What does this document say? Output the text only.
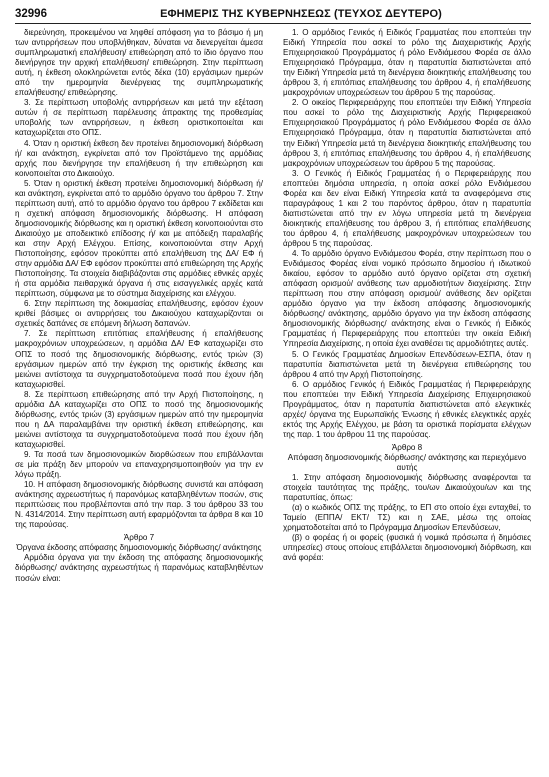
32996	ΕΦΗΜΕΡΙΣ ΤΗΣ ΚΥΒΕΡΝΗΣΕΩΣ (ΤΕΥΧΟΣ ΔΕΥΤΕΡΟ)

διερεύνηση, προκειμένου να ληφθεί απόφαση για το βάσιμο ή μη των αντιρρήσεων που υποβλήθηκαν, δύναται να διενεργείται άμεσα συμπληρωματική επαλήθευση/ επιθεώρηση από το ίδιο όργανο που διενήργησε την αρχική επαλήθευση/ επιθεώρηση. Στην περίπτωση αυτή, η έκθεση ολοκληρώνεται εντός δέκα (10) εργάσιμων ημερών από την ημερομηνία διενέργειας της συμπληρωματικής επαλήθευσης/ επιθεώρησης.

3. Σε περίπτωση υποβολής αντιρρήσεων και μετά την εξέταση αυτών ή σε περίπτωση παρέλευσης άπρακτης της προθεσμίας υποβολής των αντιρρήσεων, η έκθεση οριστικοποιείται και καταχωρίζεται στο ΟΠΣ.

4. Όταν η οριστική έκθεση δεν προτείνει δημοσιονομική διόρθωση ή/ και ανάκτηση, εγκρίνεται από τον Προϊστάμενο της αρμόδιας αρχής που διενήργησε την επαλήθευση ή την επιθεώρηση και κοινοποιείται στο Δικαιούχο.

5. Όταν η οριστική έκθεση προτείνει δημοσιονομική διόρθωση ή/ και ανάκτηση, εγκρίνεται από το αρμόδιο όργανο του άρθρου 7. Στην περίπτωση αυτή, από το αρμόδιο όργανο του άρθρου 7 εκδίδεται και η σχετική απόφαση δημοσιονομικής διόρθωσης. Η απόφαση δημοσιονομικής διόρθωσης και η οριστική έκθεση κοινοποιούνται στο Δικαιούχο με αποδεικτικό επίδοσης ή/ και με απόδειξη παραλαβής και στην Αρχή Ελέγχου. Επίσης, κοινοποιούνται στην Αρχή Πιστοποίησης, εφόσον προκύπτει από επαλήθευση της ΔΑ/ ΕΦ ή στην αρμόδια ΔΑ/ ΕΦ εφόσον προκύπτει από επιθεώρηση της Αρχής Πιστοποίησης. Τα στοιχεία διαβιβάζονται στις αρμόδιες εθνικές αρχές ή στα αρμόδια πειθαρχικά όργανα ή στις εισαγγελικές αρχές κατά περίπτωση, σύμφωνα με το σύστημα διαχείρισης και ελέγχου.

6. Στην περίπτωση της δοκιμασίας επαλήθευσης, εφόσον έχουν κριθεί βάσιμες οι αντιρρήσεις του Δικαιούχου καταχωρίζονται οι σχετικές δαπάνες σε επόμενη δήλωση δαπανών.

7. Σε περίπτωση επιτόπιας επαλήθευσης ή επαλήθευσης μακροχρόνιων υποχρεώσεων, η αρμόδια ΔΑ/ ΕΦ καταχωρίζει στο ΟΠΣ το ποσό της δημοσιονομικής διόρθωσης, εντός τριών (3) εργάσιμων ημερών από την έγκριση της οριστικής έκθεσης και μειώνει αντίστοιχα τα συγχρηματοδοτούμενα ποσά που έχουν ήδη καταχωρισθεί.

8. Σε περίπτωση επιθεώρησης από την Αρχή Πιστοποίησης, η αρμόδια ΔΑ καταχωρίζει στο ΟΠΣ το ποσό της δημοσιονομικής διόρθωσης, εντός τριών (3) εργάσιμων ημερών από την ημερομηνία που η ΔΑ παραλαμβάνει την οριστική έκθεση επιθεώρησης, και μειώνει αντίστοιχα τα συγχρηματοδοτούμενα ποσά που έχουν ήδη καταχωρισθεί.

9. Τα ποσά των δημοσιονομικών διορθώσεων που επιβάλλονται σε μία πράξη δεν μπορούν να επαναχρησιμοποιηθούν για την εν λόγω πράξη.

10. Η απόφαση δημοσιονομικής διόρθωσης συνιστά και απόφαση ανάκτησης αχρεωστήτως ή παρανόμως καταβληθέντων ποσών, στις περιπτώσεις που προβλέπονται από την παρ. 3 του άρθρου 33 του Ν. 4314/2014. Στην περίπτωση αυτή εφαρμόζονται τα άρθρα 8 και 10 της παρούσας.

Άρθρο 7

Όργανα έκδοσης απόφασης δημοσιονομικής διόρθωσης/ ανάκτησης

Αρμόδια όργανα για την έκδοση της απόφασης δημοσιονομικής διόρθωσης/ ανάκτησης αχρεωστήτως ή παρανόμως καταβληθέντων ποσών είναι:

1. Ο αρμόδιος Γενικός ή Ειδικός Γραμματέας που εποπτεύει την Ειδική Υπηρεσία που ασκεί το ρόλο της Διαχειριστικής Αρχής Επιχειρησιακού Προγράμματος ή ρόλο Ενδιάμεσου Φορέα σε άλλο Επιχειρησιακό Πρόγραμμα, όταν η παρατυπία διαπιστώνεται από την Ειδική Υπηρεσία μετά τη διενέργεια διοικητικής επαλήθευσης του άρθρου 3, ή επιτόπιας επαλήθευσης του άρθρου 4, ή επαλήθευσης μακροχρόνιων υποχρεώσεων του άρθρου 5 της παρούσας.

2. Ο οικείος Περιφερειάρχης που εποπτεύει την Ειδική Υπηρεσία που ασκεί το ρόλο της Διαχειριστικής Αρχής Περιφερειακού Επιχειρησιακού Προγράμματος ή ρόλο Ενδιάμεσου Φορέα σε άλλο Επιχειρησιακό Πρόγραμμα, όταν η παρατυπία διαπιστώνεται από την Ειδική Υπηρεσία μετά τη διενέργεια διοικητικής επαλήθευσης του άρθρου 3, ή επιτόπιας επαλήθευσης του άρθρου 4, ή επαλήθευσης μακροχρόνιων υποχρεώσεων του άρθρου 5 της παρούσας.

3. Ο Γενικός ή Ειδικός Γραμματέας ή ο Περιφερειάρχης που εποπτεύει δημόσια υπηρεσία, η οποία ασκεί ρόλο Ενδιάμεσου Φορέα και δεν είναι Ειδική Υπηρεσία κατά τα αναφερόμενα στις παραγράφους 1 και 2 του παρόντος άρθρου, όταν η παρατυπία διαπιστώνεται από την εν λόγω υπηρεσία μετά τη διενέργεια διοικητικής επαλήθευσης του άρθρου 3, ή επιτόπιας επαλήθευσης του άρθρου 4, ή επαλήθευσης μακροχρόνιων υποχρεώσεων του άρθρου 5 της παρούσας.

4. Το αρμόδιο όργανο Ενδιάμεσου Φορέα, στην περίπτωση που ο Ενδιάμεσος Φορέας είναι νομικό πρόσωπο δημοσίου ή ιδιωτικού δικαίου, εφόσον το αρμόδιο αυτό όργανο ορίζεται στη σχετική απόφαση ορισμού/ ανάθεσης των αρμοδιοτήτων διαχείρισης. Στην περίπτωση που στην απόφαση ορισμού/ ανάθεσης δεν ορίζεται αρμόδιο όργανο για την έκδοση απόφασης δημοσιονομικής διόρθωσης/ ανάκτησης, αρμόδιο όργανο για την έκδοση απόφασης δημοσιονομικής διόρθωσης/ ανάκτησης είναι ο Γενικός ή Ειδικός Γραμματέας ή Περιφερειάρχης που εποπτεύει την οικεία Ειδική Υπηρεσία Διαχείρισης, η οποία έχει αναθέσει τις αρμοδιότητες αυτές.

5. Ο Γενικός Γραμματέας Δημοσίων Επενδύσεων-ΕΣΠΑ, όταν η παρατυπία διαπιστώνεται μετά τη διενέργεια επιθεώρησης του άρθρου 4 από την Αρχή Πιστοποίησης.

6. Ο αρμόδιος Γενικός ή Ειδικός Γραμματέας ή Περιφερειάρχης που εποπτεύει την Ειδική Υπηρεσία Διαχείρισης Επιχειρησιακού Προγράμματος, όταν η παρατυπία διαπιστώνεται από ελεγκτικές αρχές/ όργανα της Ευρωπαϊκής Ένωσης ή εθνικές ελεγκτικές αρχές εκτός της Αρχής Ελέγχου, με βάση τα οριστικά πορίσματα ελέγχων της παρ. 1 του άρθρου 11 της παρούσας.

Άρθρο 8

Απόφαση δημοσιονομικής διόρθωσης/ ανάκτησης και περιεχόμενο αυτής

1. Στην απόφαση δημοσιονομικής διόρθωσης αναφέρονται τα στοιχεία ταυτότητας της πράξης, του/ων Δικαιούχου/ων και της παρατυπίας, όπως:

(α) ο κωδικός ΟΠΣ της πράξης, το ΕΠ στο οποίο έχει ενταχθεί, το Ταμείο (ΕΠΠΑ/ ΕΚΤ/ ΤΣ) και η ΣΑΕ, μέσω της οποίας χρηματοδοτείται από το Πρόγραμμα Δημοσίων Επενδύσεων,

(β) ο φορέας ή οι φορείς (φυσικά ή νομικά πρόσωπα ή δημόσιες υπηρεσίες) στους οποίους επιβάλλεται δημοσιονομική διόρθωση, και ανά φορέα:
